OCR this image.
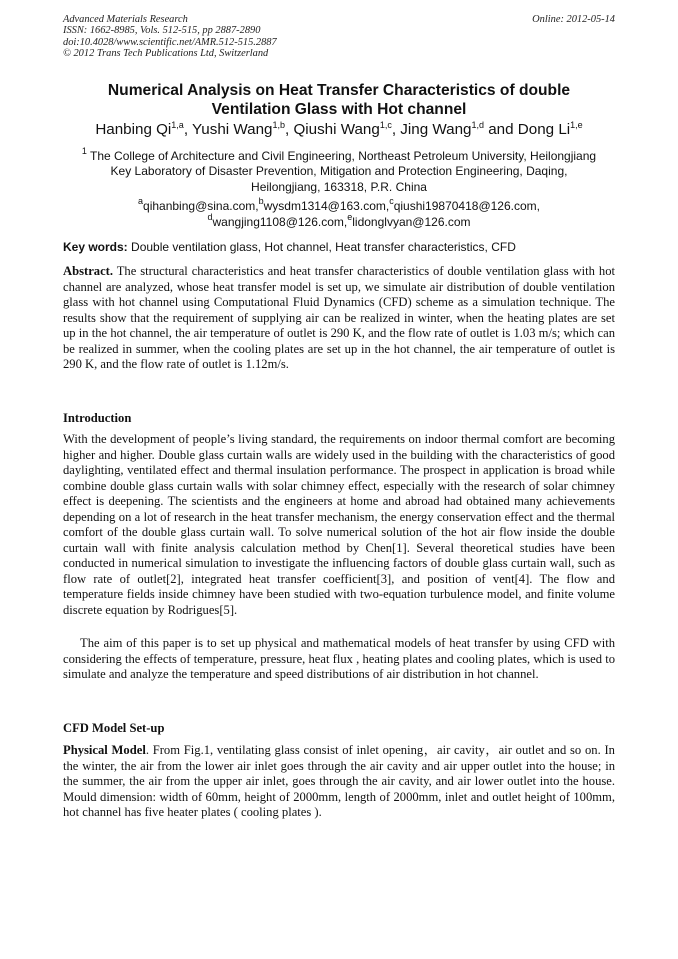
Advanced Materials Research
ISSN: 1662-8985, Vols. 512-515, pp 2887-2890
doi:10.4028/www.scientific.net/AMR.512-515.2887
© 2012 Trans Tech Publications Ltd, Switzerland
Online: 2012-05-14
Numerical Analysis on Heat Transfer Characteristics of double
Ventilation Glass with Hot channel
Hanbing Qi$^{1,a}$, Yushi Wang$^{1,b}$, Qiushi Wang$^{1,c}$, Jing Wang$^{1,d}$ and Dong Li$^{1,e}$
$^1$ The College of Architecture and Civil Engineering, Northeast Petroleum University, Heilongjiang
Key Laboratory of Disaster Prevention, Mitigation and Protection Engineering, Daqing,
Heilongjiang, 163318, P.R. China
$^a$qihanbing@sina.com,$^b$wysdm1314@163.com,$^c$qiushi19870418@126.com,
$^d$wangjing1108@126.com,$^e$lidonglvyan@126.com
Key words: Double ventilation glass, Hot channel, Heat transfer characteristics, CFD
Abstract. The structural characteristics and heat transfer characteristics of double ventilation glass with hot channel are analyzed, whose heat transfer model is set up, we simulate air distribution of double ventilation glass with hot channel using Computational Fluid Dynamics (CFD) scheme as a simulation technique. The results show that the requirement of supplying air can be realized in winter, when the heating plates are set up in the hot channel, the air temperature of outlet is 290 K, and the flow rate of outlet is 1.03 m/s; which can be realized in summer, when the cooling plates are set up in the hot channel, the air temperature of outlet is 290 K, and the flow rate of outlet is 1.12m/s.
Introduction
With the development of people’s living standard, the requirements on indoor thermal comfort are becoming higher and higher. Double glass curtain walls are widely used in the building with the characteristics of good daylighting, ventilated effect and thermal insulation performance. The prospect in application is broad while combine double glass curtain walls with solar chimney effect, especially with the research of solar chimney effect is deepening. The scientists and the engineers at home and abroad had obtained many achievements depending on a lot of research in the heat transfer mechanism, the energy conservation effect and the thermal comfort of the double glass curtain wall. To solve numerical solution of the hot air flow inside the double curtain wall with finite analysis calculation method by Chen[1]. Several theoretical studies have been conducted in numerical simulation to investigate the influencing factors of double glass curtain wall, such as flow rate of outlet[2], integrated heat transfer coefficient[3], and position of vent[4]. The flow and temperature fields inside chimney have been studied with two-equation turbulence model, and finite volume discrete equation by Rodrigues[5].
The aim of this paper is to set up physical and mathematical models of heat transfer by using CFD with considering the effects of temperature, pressure, heat flux , heating plates and cooling plates, which is used to simulate and analyze the temperature and speed distributions of air distribution in hot channel.
CFD Model Set-up
Physical Model. From Fig.1, ventilating glass consist of inlet opening，air cavity，air outlet and so on. In the winter, the air from the lower air inlet goes through the air cavity and air upper outlet into the house; in the summer, the air from the upper air inlet, goes through the air cavity, and air lower outlet into the house. Mould dimension: width of 60mm, height of 2000mm, length of 2000mm, inlet and outlet height of 100mm, hot channel has five heater plates ( cooling plates ).
